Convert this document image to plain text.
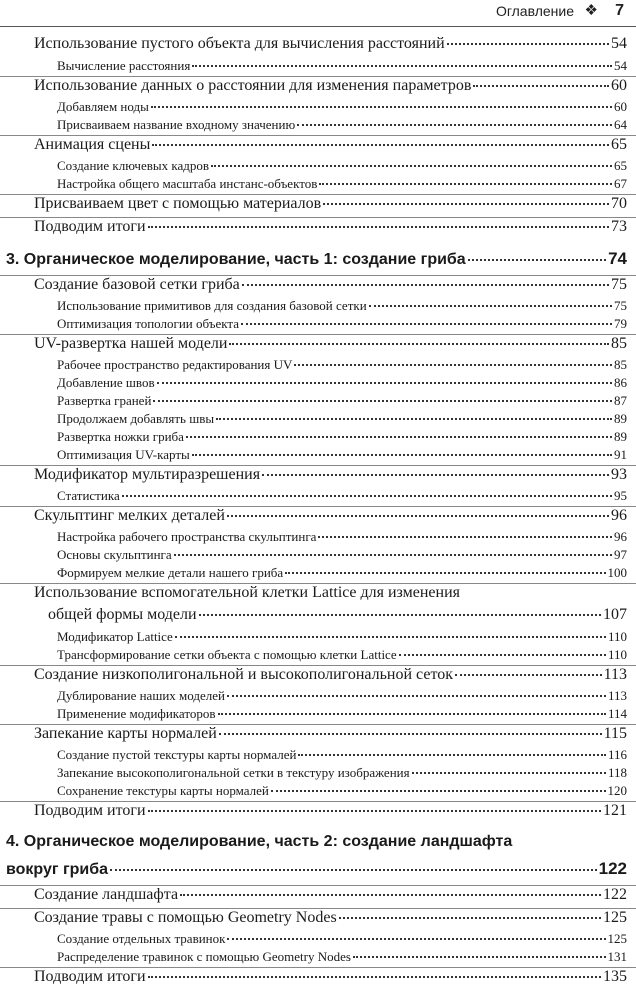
Оглавление ❖ 7
Использование пустого объекта для вычисления расстояний	54
Вычисление расстояния	54
Использование данных о расстоянии для изменения параметров	60
Добавляем ноды	60
Присваиваем название входному значению	64
Анимация сцены	65
Создание ключевых кадров	65
Настройка общего масштаба инстанс-объектов	67
Присваиваем цвет с помощью материалов	70
Подводим итоги	73
3. Органическое моделирование, часть 1: создание гриба	74
Создание базовой сетки гриба	75
Использование примитивов для создания базовой сетки	75
Оптимизация топологии объекта	79
UV-развертка нашей модели	85
Рабочее пространство редактирования UV	85
Добавление швов	86
Развертка граней	87
Продолжаем добавлять швы	89
Развертка ножки гриба	89
Оптимизация UV-карты	91
Модификатор мультиразрешения	93
Статистика	95
Скульптинг мелких деталей	96
Настройка рабочего пространства скульптинга	96
Основы скульптинга	97
Формируем мелкие детали нашего гриба	100
Использование вспомогательной клетки Lattice для изменения
общей формы модели	107
Модификатор Lattice	110
Трансформирование сетки объекта с помощью клетки Lattice	110
Создание низкополигональной и высокополигональной сеток	113
Дублирование наших моделей	113
Применение модификаторов	114
Запекание карты нормалей	115
Создание пустой текстуры карты нормалей	116
Запекание высокополигональной сетки в текстуру изображения	118
Сохранение текстуры карты нормалей	120
Подводим итоги	121
4. Органическое моделирование, часть 2: создание ландшафта
вокруг гриба	122
Создание ландшафта	122
Создание травы с помощью Geometry Nodes	125
Создание отдельных травинок	125
Распределение травинок с помощью Geometry Nodes	131
Подводим итоги	135
